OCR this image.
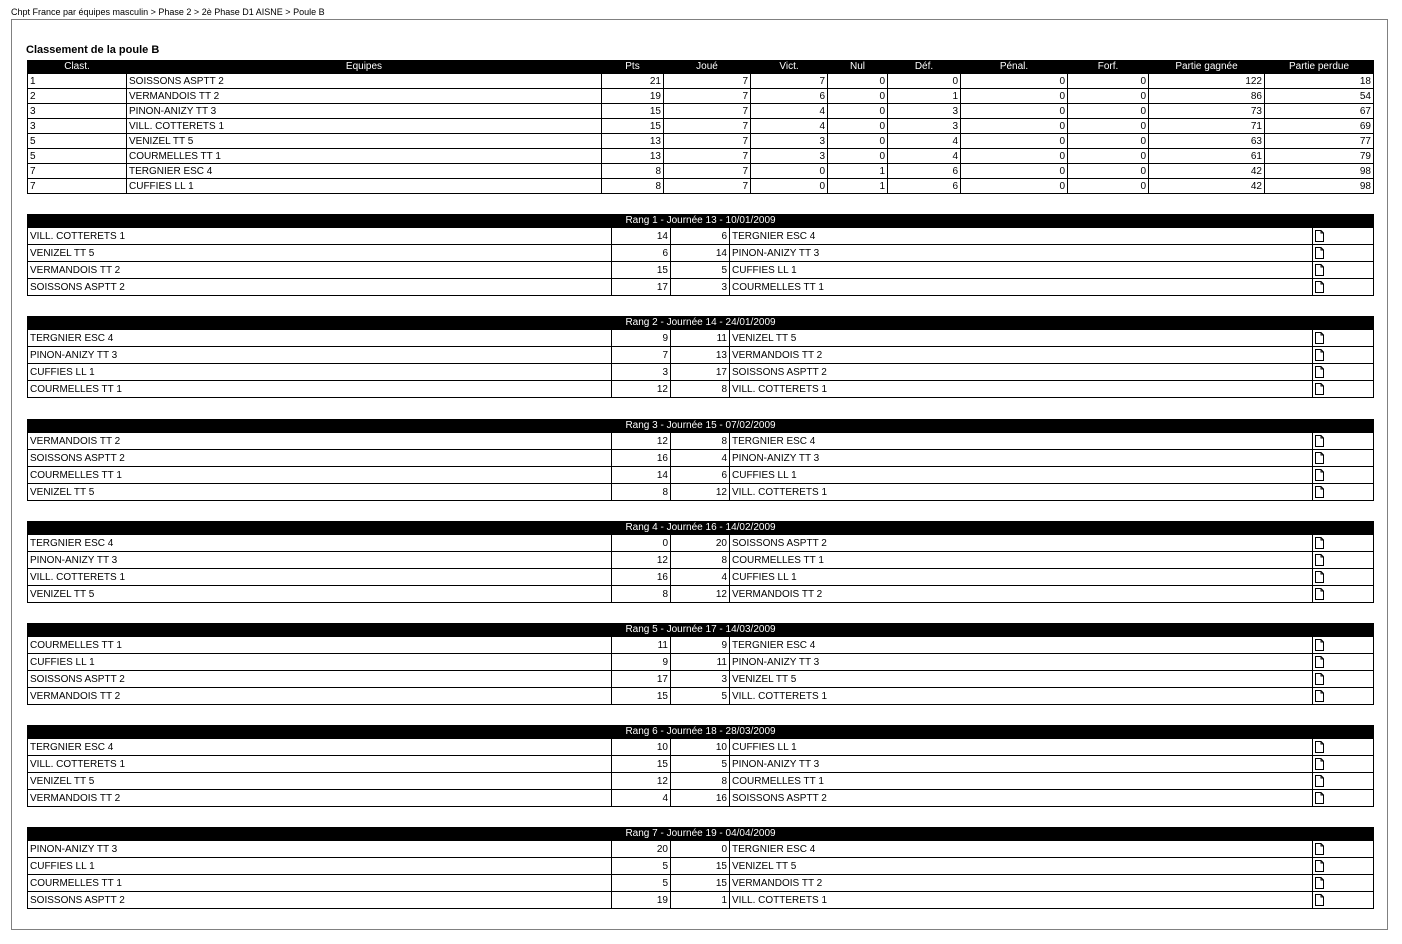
Chpt France par équipes masculin > Phase 2 > 2è Phase D1 AISNE > Poule B
Classement de la poule B
Clast.	Equipes	Pts	Joué	Vict.	Nul	Déf.	Pénal.	Forf.	Partie gagnée	Partie perdue
1	SOISSONS ASPTT 2	21	7	7	0	0	0	0	122	18
2	VERMANDOIS TT 2	19	7	6	0	1	0	0	86	54
3	PINON-ANIZY TT 3	15	7	4	0	3	0	0	73	67
3	VILL. COTTERETS 1	15	7	4	0	3	0	0	71	69
5	VENIZEL TT 5	13	7	3	0	4	0	0	63	77
5	COURMELLES TT 1	13	7	3	0	4	0	0	61	79
7	TERGNIER ESC 4	8	7	0	1	6	0	0	42	98
7	CUFFIES LL 1	8	7	0	1	6	0	0	42	98
Rang 1 - Journée 13 - 10/01/2009				
VILL. COTTERETS 1	14	6	TERGNIER ESC 4	
VENIZEL TT 5	6	14	PINON-ANIZY TT 3	
VERMANDOIS TT 2	15	5	CUFFIES LL 1	
SOISSONS ASPTT 2	17	3	COURMELLES TT 1	
Rang 2 - Journée 14 - 24/01/2009				
TERGNIER ESC 4	9	11	VENIZEL TT 5	
PINON-ANIZY TT 3	7	13	VERMANDOIS TT 2	
CUFFIES LL 1	3	17	SOISSONS ASPTT 2	
COURMELLES TT 1	12	8	VILL. COTTERETS 1	
Rang 3 - Journée 15 - 07/02/2009				
VERMANDOIS TT 2	12	8	TERGNIER ESC 4	
SOISSONS ASPTT 2	16	4	PINON-ANIZY TT 3	
COURMELLES TT 1	14	6	CUFFIES LL 1	
VENIZEL TT 5	8	12	VILL. COTTERETS 1	
Rang 4 - Journée 16 - 14/02/2009				
TERGNIER ESC 4	0	20	SOISSONS ASPTT 2	
PINON-ANIZY TT 3	12	8	COURMELLES TT 1	
VILL. COTTERETS 1	16	4	CUFFIES LL 1	
VENIZEL TT 5	8	12	VERMANDOIS TT 2	
Rang 5 - Journée 17 - 14/03/2009				
COURMELLES TT 1	11	9	TERGNIER ESC 4	
CUFFIES LL 1	9	11	PINON-ANIZY TT 3	
SOISSONS ASPTT 2	17	3	VENIZEL TT 5	
VERMANDOIS TT 2	15	5	VILL. COTTERETS 1	
Rang 6 - Journée 18 - 28/03/2009				
TERGNIER ESC 4	10	10	CUFFIES LL 1	
VILL. COTTERETS 1	15	5	PINON-ANIZY TT 3	
VENIZEL TT 5	12	8	COURMELLES TT 1	
VERMANDOIS TT 2	4	16	SOISSONS ASPTT 2	
Rang 7 - Journée 19 - 04/04/2009				
PINON-ANIZY TT 3	20	0	TERGNIER ESC 4	
CUFFIES LL 1	5	15	VENIZEL TT 5	
COURMELLES TT 1	5	15	VERMANDOIS TT 2	
SOISSONS ASPTT 2	19	1	VILL. COTTERETS 1	
